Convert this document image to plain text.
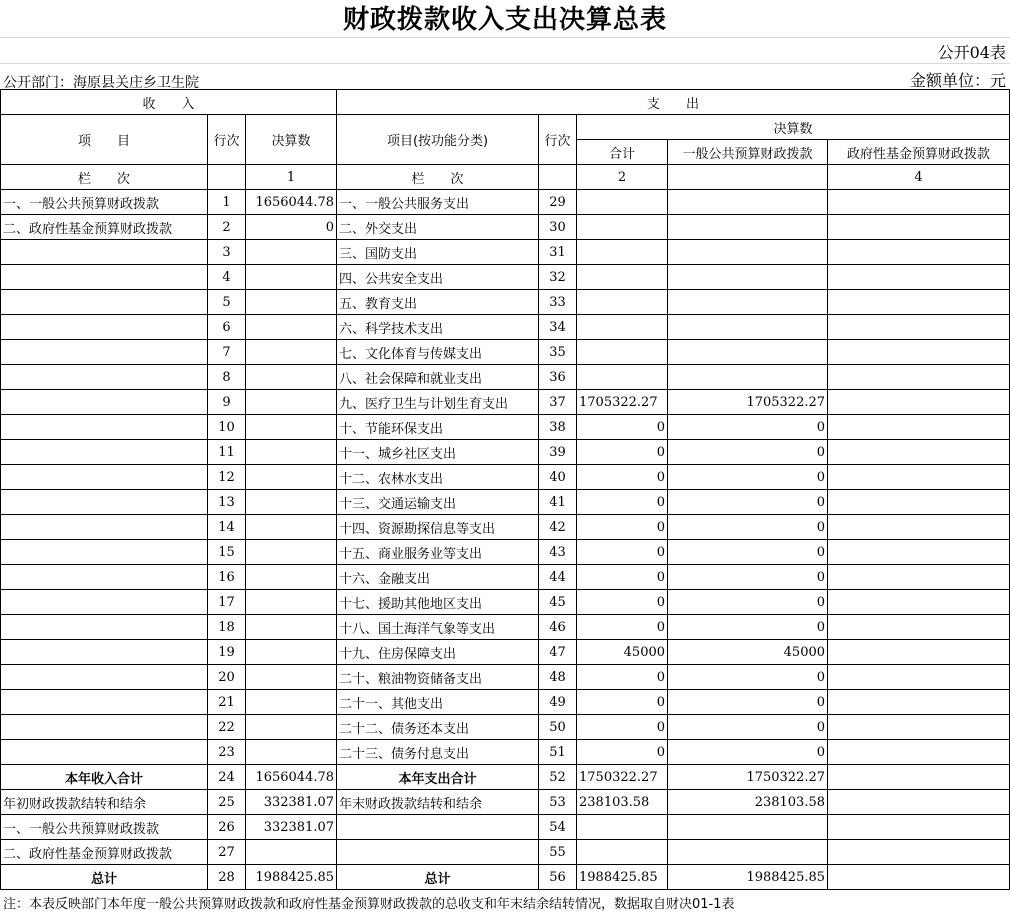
财政拨款收入支出决算总表
公开04表
公开部门：海原县关庄乡卫生院	金额单位：元
收　　入			支　　出				
项　　目	行次	决算数	项目(按功能分类)	行次	决算数		
					合计	一般公共预算财政拨款	政府性基金预算财政拨款
栏　　次		1	栏　　次		2		4
一、一般公共预算财政拨款	1	1656044.78	一、一般公共服务支出	29			
二、政府性基金预算财政拨款	2	0	二、外交支出	30			
	3		三、国防支出	31			
	4		四、公共安全支出	32			
	5		五、教育支出	33			
	6		六、科学技术支出	34			
	7		七、文化体育与传媒支出	35			
	8		八、社会保障和就业支出	36			
	9		九、医疗卫生与计划生育支出	37	1705322.27	1705322.27	
	10		十、节能环保支出	38	0	0	
	11		十一、城乡社区支出	39	0	0	
	12		十二、农林水支出	40	0	0	
	13		十三、交通运输支出	41	0	0	
	14		十四、资源勘探信息等支出	42	0	0	
	15		十五、商业服务业等支出	43	0	0	
	16		十六、金融支出	44	0	0	
	17		十七、援助其他地区支出	45	0	0	
	18		十八、国土海洋气象等支出	46	0	0	
	19		十九、住房保障支出	47	45000	45000	
	20		二十、粮油物资储备支出	48	0	0	
	21		二十一、其他支出	49	0	0	
	22		二十二、债务还本支出	50	0	0	
	23		二十三、债务付息支出	51	0	0	
本年收入合计	24	1656044.78	本年支出合计	52	1750322.27	1750322.27	
年初财政拨款结转和结余	25	332381.07	年末财政拨款结转和结余	53	238103.58	238103.58	
一、一般公共预算财政拨款	26	332381.07		54			
二、政府性基金预算财政拨款	27			55			
总计	28	1988425.85	总计	56	1988425.85	1988425.85	
注：本表反映部门本年度一般公共预算财政拨款和政府性基金预算财政拨款的总收支和年末结余结转情况，数据取自财决01-1表
